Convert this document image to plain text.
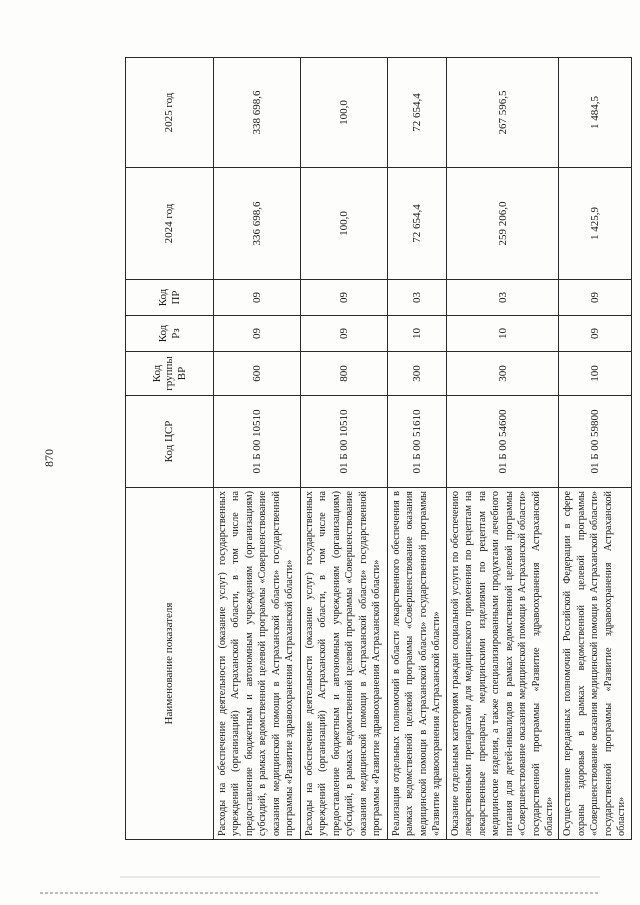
870
Наименование показателя	Код ЦСР	Код группы ВР	Код Рз	Код ПР	2024 год	2025 год
Расходы на обеспечение деятельности (оказание услуг) государственных учреждений (организаций) Астраханской области, в том числе на предоставление бюджетным и автономным учреждениям (организациям) субсидий, в рамках ведомственной целевой программы «Совершенствование оказания медицинской помощи в Астраханской области» государственной программы «Развитие здравоохранения Астраханской области»	01 Б 00 10510	600	09	09	336 698,6	338 698,6
Расходы на обеспечение деятельности (оказание услуг) государственных учреждений (организаций) Астраханской области, в том числе на предоставление бюджетным и автономным учреждениям (организациям) субсидий, в рамках ведомственной целевой программы «Совершенствование оказания медицинской помощи в Астраханской области» государственной программы «Развитие здравоохранения Астраханской области»	01 Б 00 10510	800	09	09	100,0	100,0
Реализация отдельных полномочий в области лекарственного обеспечения в рамках ведомственной целевой программы «Совершенствование оказания медицинской помощи в Астраханской области» государственной программы «Развитие здравоохранения Астраханской области»	01 Б 00 51610	300	10	03	72 654,4	72 654,4
Оказание отдельным категориям граждан социальной услуги по обеспечению лекарственными препаратами для медицинского применения по рецептам на лекарственные препараты, медицинскими изделиями по рецептам на медицинские изделия, а также специализированными продуктами лечебного питания для детей-инвалидов в рамках ведомственной целевой программы «Совершенствование оказания медицинской помощи в Астраханской области» государственной программы «Развитие здравоохранения Астраханской области»	01 Б 00 54600	300	10	03	259 206,0	267 596,5
Осуществление переданных полномочий Российской Федерации в сфере охраны здоровья в рамках ведомственной целевой программы «Совершенствование оказания медицинской помощи в Астраханской области» государственной программы «Развитие здравоохранения Астраханской области»	01 Б 00 59800	100	09	09	1 425,9	1 484,5
